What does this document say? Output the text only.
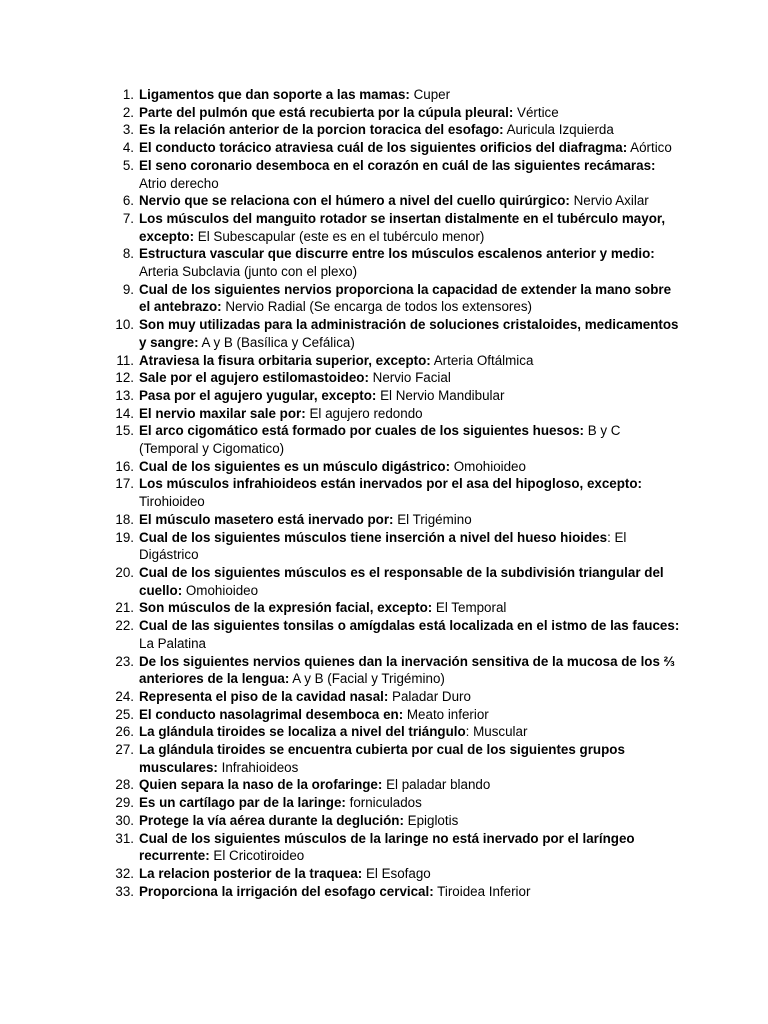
1. Ligamentos que dan soporte a las mamas: Cuper
2. Parte del pulmón que está recubierta por la cúpula pleural: Vértice
3. Es la relación anterior de la porcion toracica del esofago: Auricula Izquierda
4. El conducto torácico atraviesa cuál de los siguientes orificios del diafragma: Aórtico
5. El seno coronario desemboca en el corazón en cuál de las siguientes recámaras: Atrio derecho
6. Nervio que se relaciona con el húmero a nivel del cuello quirúrgico: Nervio Axilar
7. Los músculos del manguito rotador se insertan distalmente en el tubérculo mayor, excepto: El Subescapular (este es en el tubérculo menor)
8. Estructura vascular que discurre entre los músculos escalenos anterior y medio: Arteria Subclavia (junto con el plexo)
9. Cual de los siguientes nervios proporciona la capacidad de extender la mano sobre el antebrazo: Nervio Radial (Se encarga de todos los extensores)
10. Son muy utilizadas para la administración de soluciones cristaloides, medicamentos y sangre: A y B (Basílica y Cefálica)
11. Atraviesa la fisura orbitaria superior, excepto: Arteria Oftálmica
12. Sale por el agujero estilomastoideo: Nervio Facial
13. Pasa por el agujero yugular, excepto: El Nervio Mandibular
14. El nervio maxilar sale por: El agujero redondo
15. El arco cigomático está formado por cuales de los siguientes huesos: B y C (Temporal y Cigomatico)
16. Cual de los siguientes es un músculo digástrico: Omohioideo
17. Los músculos infrahioideos están inervados por el asa del hipogloso, excepto: Tirohioideo
18. El músculo masetero está inervado por: El Trigémino
19. Cual de los siguientes músculos tiene inserción a nivel del hueso hioides: El Digástrico
20. Cual de los siguientes músculos es el responsable de la subdivisión triangular del cuello: Omohioideo
21. Son músculos de la expresión facial, excepto: El Temporal
22. Cual de las siguientes tonsilas o amígdalas está localizada en el istmo de las fauces: La Palatina
23. De los siguientes nervios quienes dan la inervación sensitiva de la mucosa de los ⅔ anteriores de la lengua: A y B (Facial y Trigémino)
24. Representa el piso de la cavidad nasal: Paladar Duro
25. El conducto nasolagrimal desemboca en: Meato inferior
26. La glándula tiroides se localiza a nivel del triángulo: Muscular
27. La glándula tiroides se encuentra cubierta por cual de los siguientes grupos musculares: Infrahioideos
28. Quien separa la naso de la orofaringe: El paladar blando
29. Es un cartílago par de la laringe: forniculados
30. Protege la vía aérea durante la deglución: Epiglotis
31. Cual de los siguientes músculos de la laringe no está inervado por el laríngeo recurrente: El Cricotiroideo
32. La relacion posterior de la traquea: El Esofago
33. Proporciona la irrigación del esofago cervical: Tiroidea Inferior
